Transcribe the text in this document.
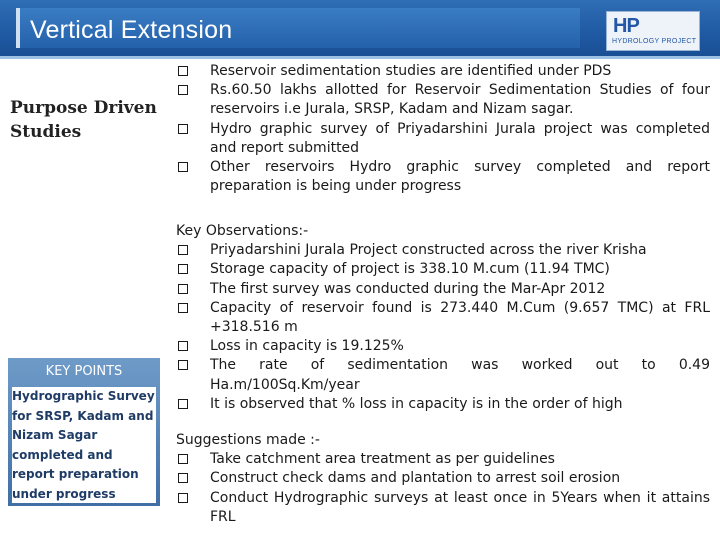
Vertical Extension	HP
HYDROLOGY PROJECT
Purpose Driven Studies
KEY POINTS
Hydrographic Survey for SRSP, Kadam and Nizam Sagar completed and report preparation under progress
Reservoir sedimentation studies are identified under PDS
Rs.60.50 lakhs allotted for Reservoir Sedimentation Studies of four reservoirs i.e Jurala, SRSP, Kadam and Nizam sagar.
Hydro graphic survey of Priyadarshini Jurala project was completed and report submitted
Other reservoirs Hydro graphic survey completed and report preparation is being under progress
Key Observations:-
Priyadarshini Jurala Project constructed across the river Krisha
Storage capacity of project is 338.10 M.cum (11.94 TMC)
The first survey was conducted during the Mar-Apr 2012
Capacity of reservoir found is 273.440 M.Cum (9.657 TMC) at FRL +318.516 m
Loss in capacity is 19.125%
The rate of sedimentation was worked out to 0.49 Ha.m/100Sq.Km/year
It is observed that % loss in capacity is in the order of high
Suggestions made :-
Take catchment area treatment as per guidelines
Construct check dams and plantation to arrest soil erosion
Conduct Hydrographic surveys at least once in 5Years when it attains FRL
